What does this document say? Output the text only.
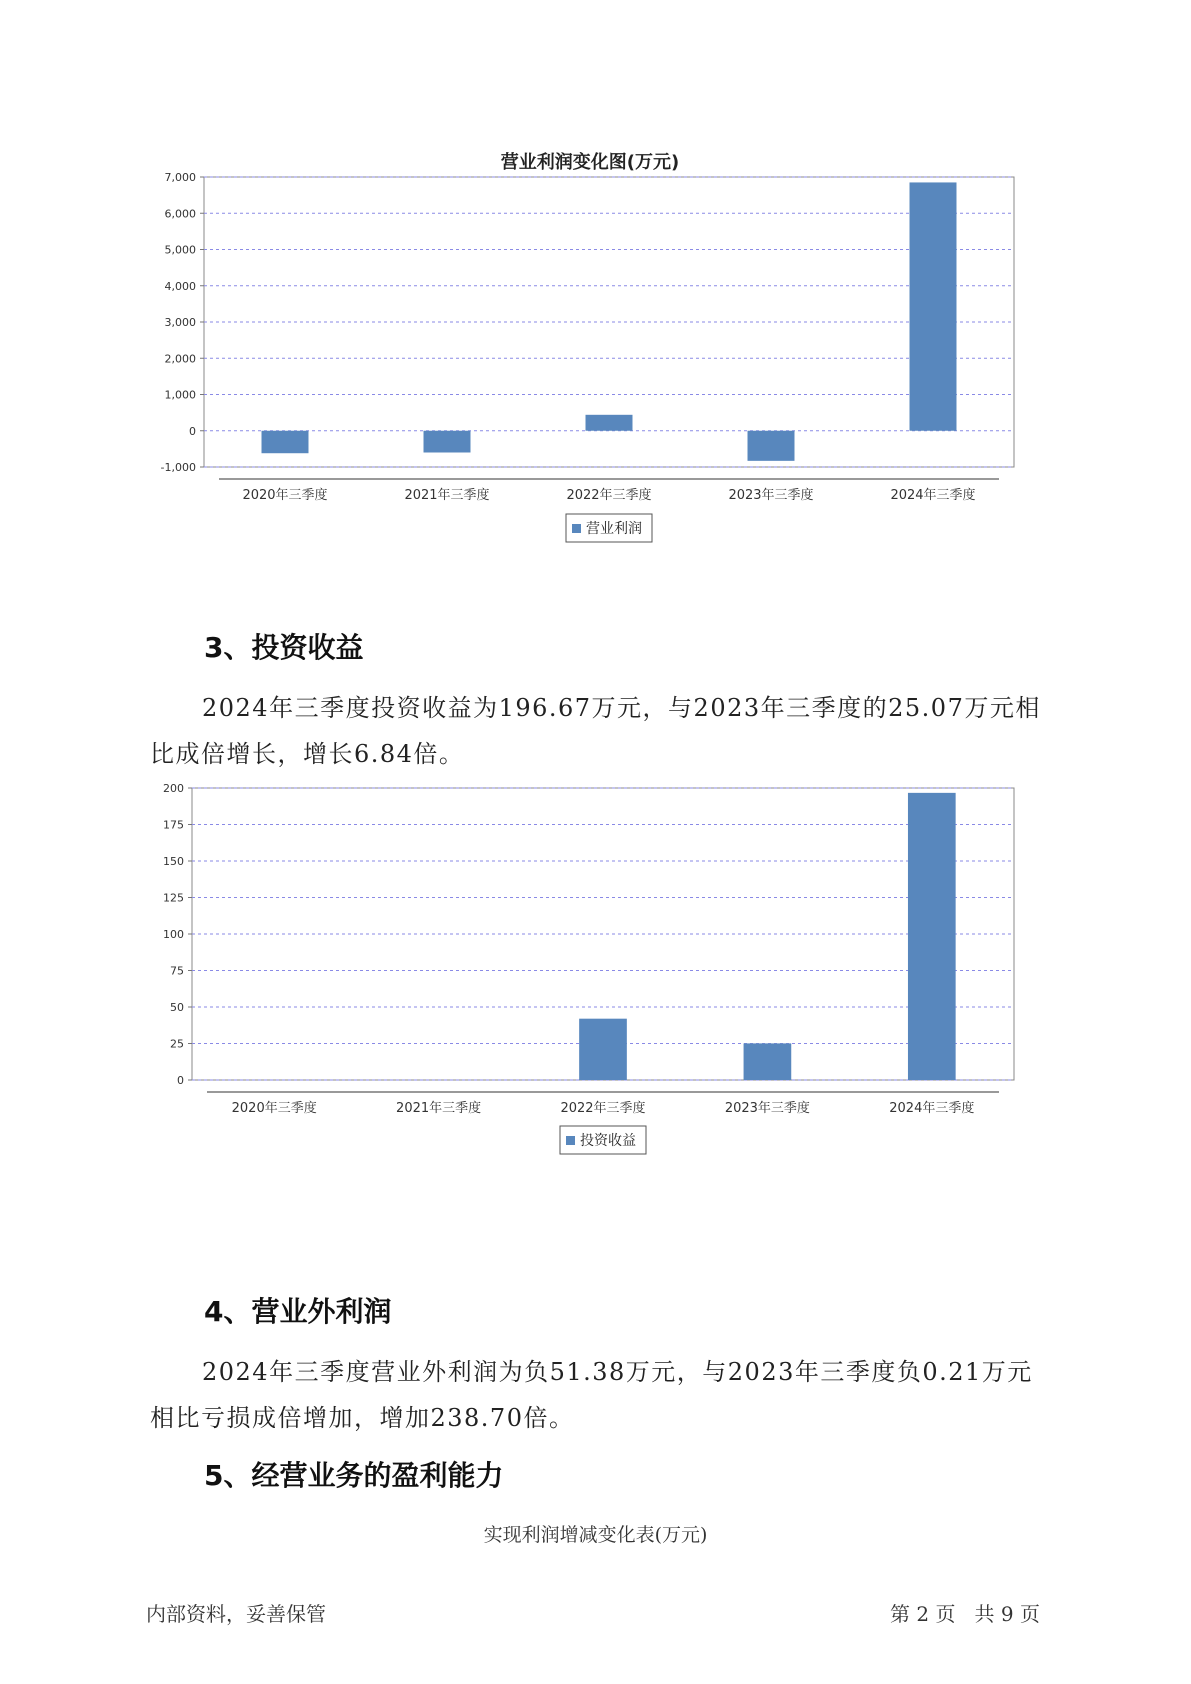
营业利润变化图(万元)
-1,000
0
1,000
2,000
3,000
4,000
5,000
6,000
7,000
2020年三季度	2021年三季度	2022年三季度	2023年三季度	2024年三季度
营业利润
3、投资收益
2024年三季度投资收益为196.67万元，与2023年三季度的25.07万元相
比成倍增长，增长6.84倍。
0
25
50
75
100
125
150
175
200
2020年三季度	2021年三季度	2022年三季度	2023年三季度	2024年三季度
投资收益
4、营业外利润
2024年三季度营业外利润为负51.38万元，与2023年三季度负0.21万元
相比亏损成倍增加，增加238.70倍。
5、经营业务的盈利能力
实现利润增减变化表(万元)
内部资料，妥善保管	第 2 页   共 9 页
